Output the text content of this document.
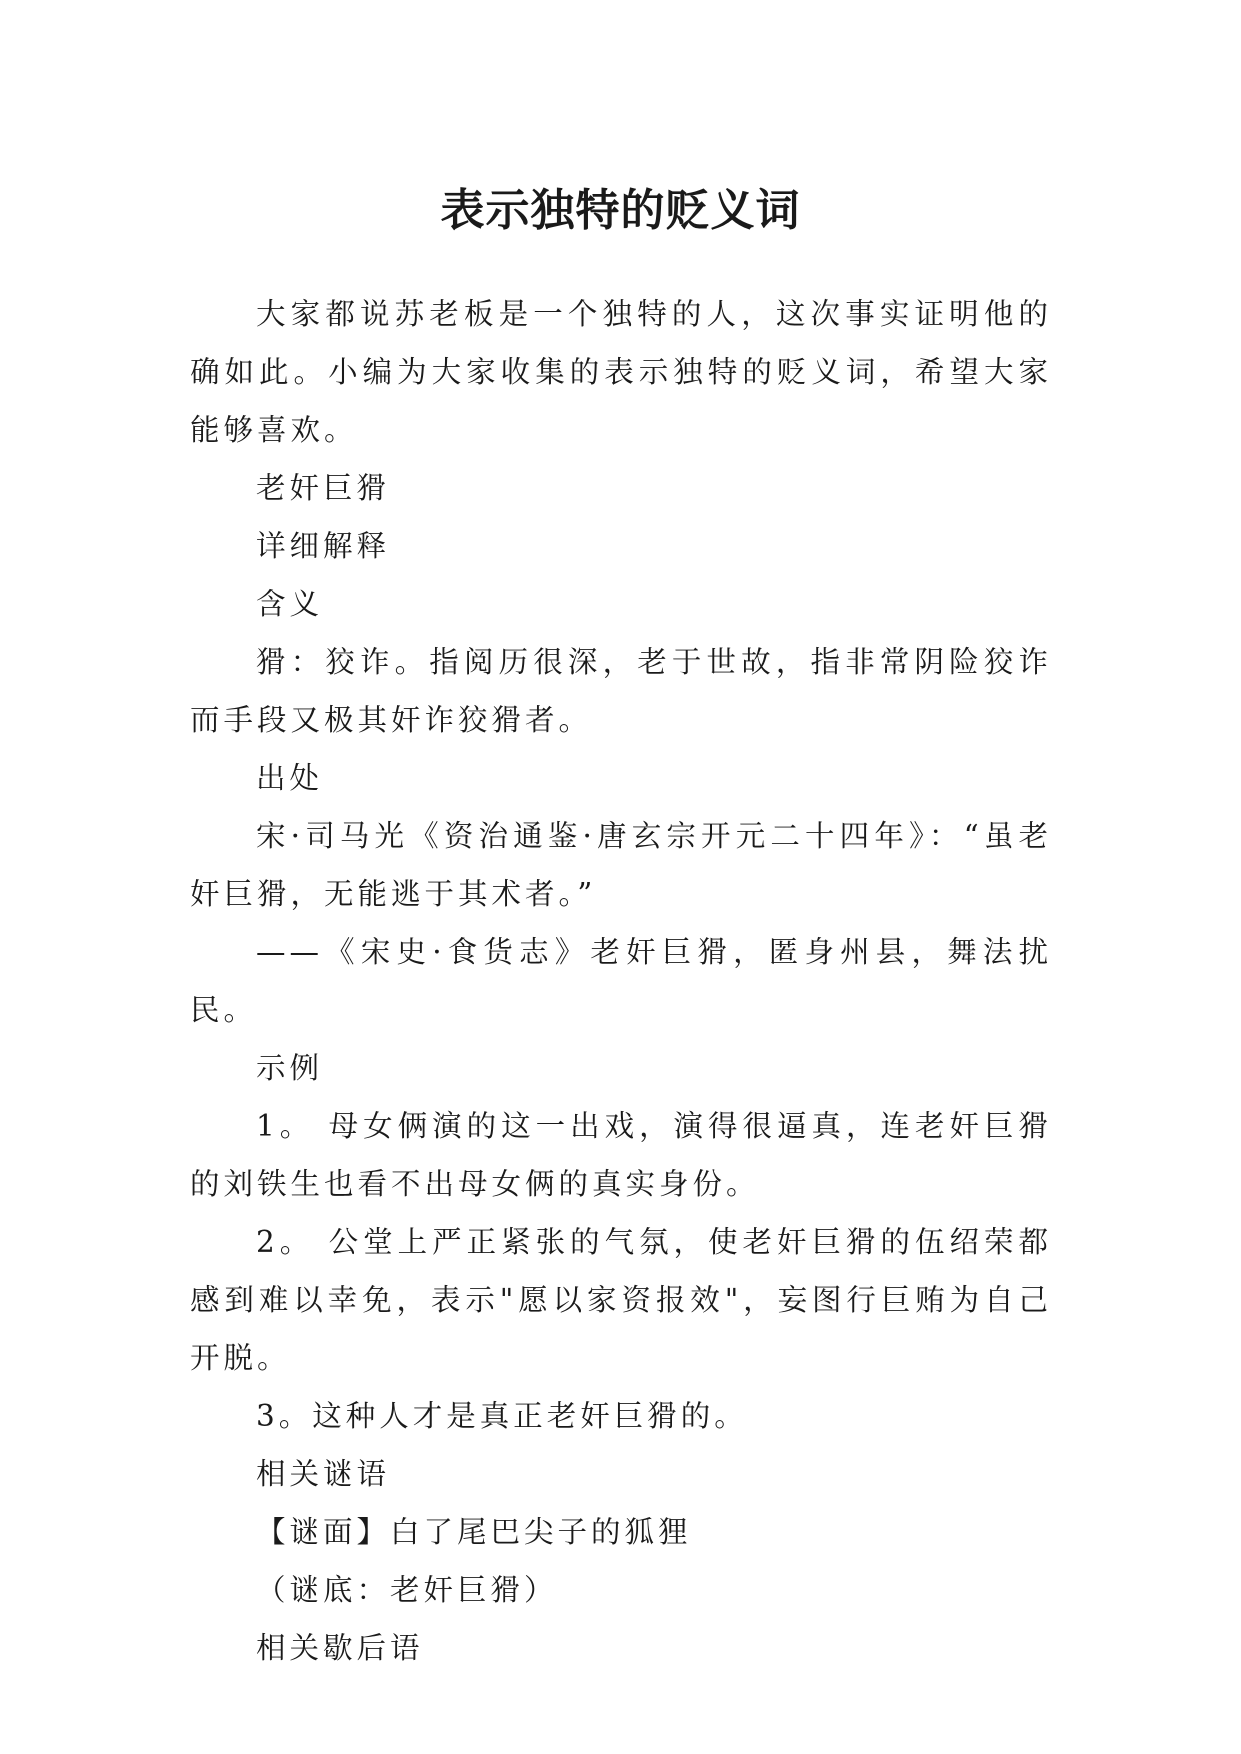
表示独特的贬义词

大家都说苏老板是一个独特的人，这次事实证明他的确如此。小编为大家收集的表示独特的贬义词，希望大家能够喜欢。

老奸巨猾

详细解释

含义

猾：狡诈。指阅历很深，老于世故，指非常阴险狡诈而手段又极其奸诈狡猾者。

出处

宋·司马光《资治通鉴·唐玄宗开元二十四年》：“虽老奸巨猾，无能逃于其术者。”

——《宋史·食货志》老奸巨猾，匿身州县，舞法扰民。

示例

1。 母女俩演的这一出戏，演得很逼真，连老奸巨猾的刘铁生也看不出母女俩的真实身份。

2。 公堂上严正紧张的气氛，使老奸巨猾的伍绍荣都感到难以幸免，表示"愿以家资报效"，妄图行巨贿为自己开脱。

3。这种人才是真正老奸巨猾的。

相关谜语

【谜面】白了尾巴尖子的狐狸

（谜底：老奸巨猾）

相关歇后语
